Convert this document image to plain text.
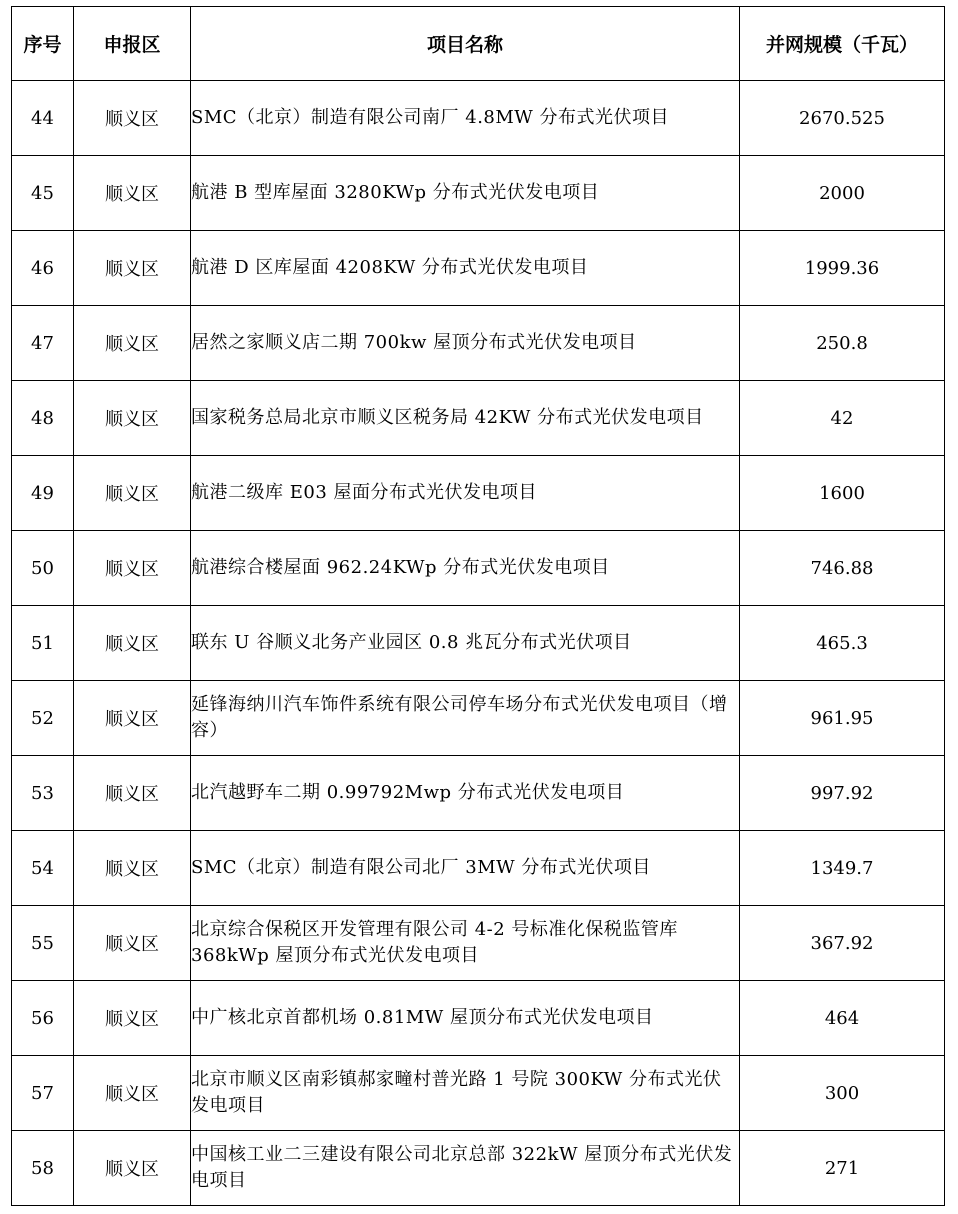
序号	申报区	项目名称	并网规模（千瓦）
44	顺义区	SMC（北京）制造有限公司南厂 4.8MW 分布式光伏项目	2670.525
45	顺义区	航港 B 型库屋面 3280KWp 分布式光伏发电项目	2000
46	顺义区	航港 D 区库屋面 4208KW 分布式光伏发电项目	1999.36
47	顺义区	居然之家顺义店二期 700kw 屋顶分布式光伏发电项目	250.8
48	顺义区	国家税务总局北京市顺义区税务局 42KW 分布式光伏发电项目	42
49	顺义区	航港二级库 E03 屋面分布式光伏发电项目	1600
50	顺义区	航港综合楼屋面 962.24KWp 分布式光伏发电项目	746.88
51	顺义区	联东 U 谷顺义北务产业园区 0.8 兆瓦分布式光伏项目	465.3
52	顺义区	延锋海纳川汽车饰件系统有限公司停车场分布式光伏发电项目（增容）	961.95
53	顺义区	北汽越野车二期 0.99792Mwp 分布式光伏发电项目	997.92
54	顺义区	SMC（北京）制造有限公司北厂 3MW 分布式光伏项目	1349.7
55	顺义区	北京综合保税区开发管理有限公司 4-2 号标准化保税监管库 368kWp 屋顶分布式光伏发电项目	367.92
56	顺义区	中广核北京首都机场 0.81MW 屋顶分布式光伏发电项目	464
57	顺义区	北京市顺义区南彩镇郝家疃村普光路 1 号院 300KW 分布式光伏发电项目	300
58	顺义区	中国核工业二三建设有限公司北京总部 322kW 屋顶分布式光伏发电项目	271
